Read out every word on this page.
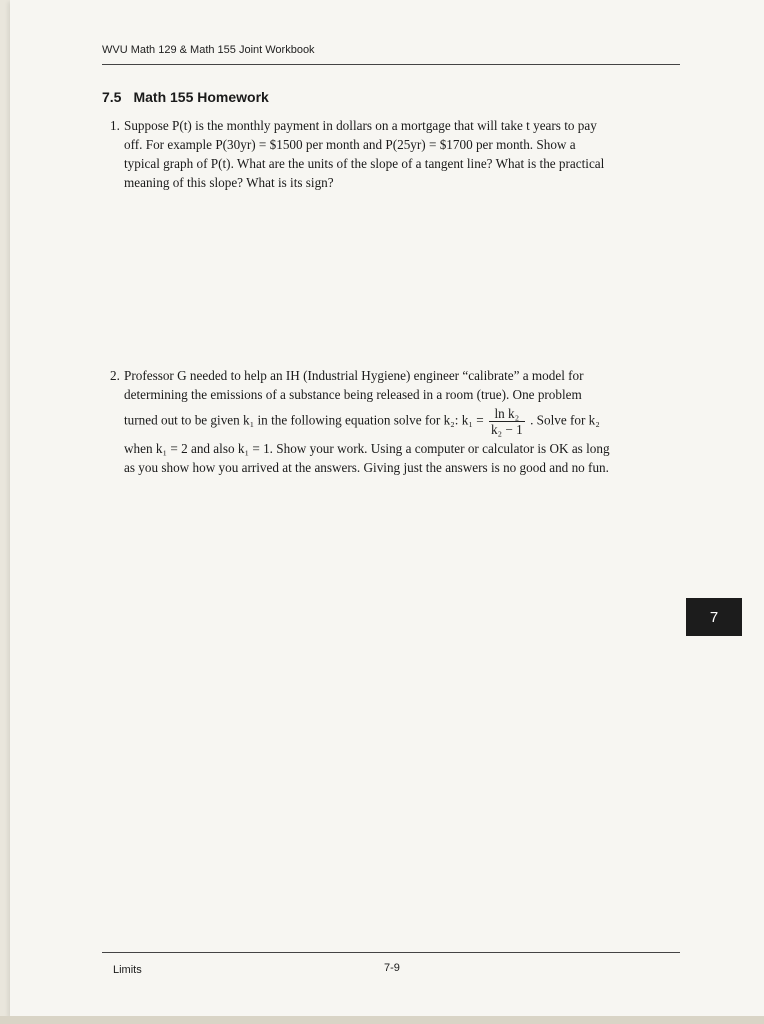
WVU Math 129 & Math 155 Joint Workbook
7.5 Math 155 Homework
1. Suppose P(t) is the monthly payment in dollars on a mortgage that will take t years to pay

off. For example P(30yr) = $1500 per month and P(25yr) = $1700 per month. Show a

typical graph of P(t). What are the units of the slope of a tangent line? What is the practical

meaning of this slope? What is its sign?

2. Professor G needed to help an IH (Industrial Hygiene) engineer “calibrate” a model for

determining the emissions of a substance being released in a room (true). One problem

turned out to be given k₁ in the following equation solve for k₂: $k_1 = \frac{\text{ln k₂}}{\text{k₂ − 1}}$ . Solve for k₂

when k₁ = 2 and also k₁ = 1. Show your work. Using a computer or calculator is OK as long

as you show how you arrived at the answers. Giving just the answers is no good and no fun.

7
Limits	7-9
